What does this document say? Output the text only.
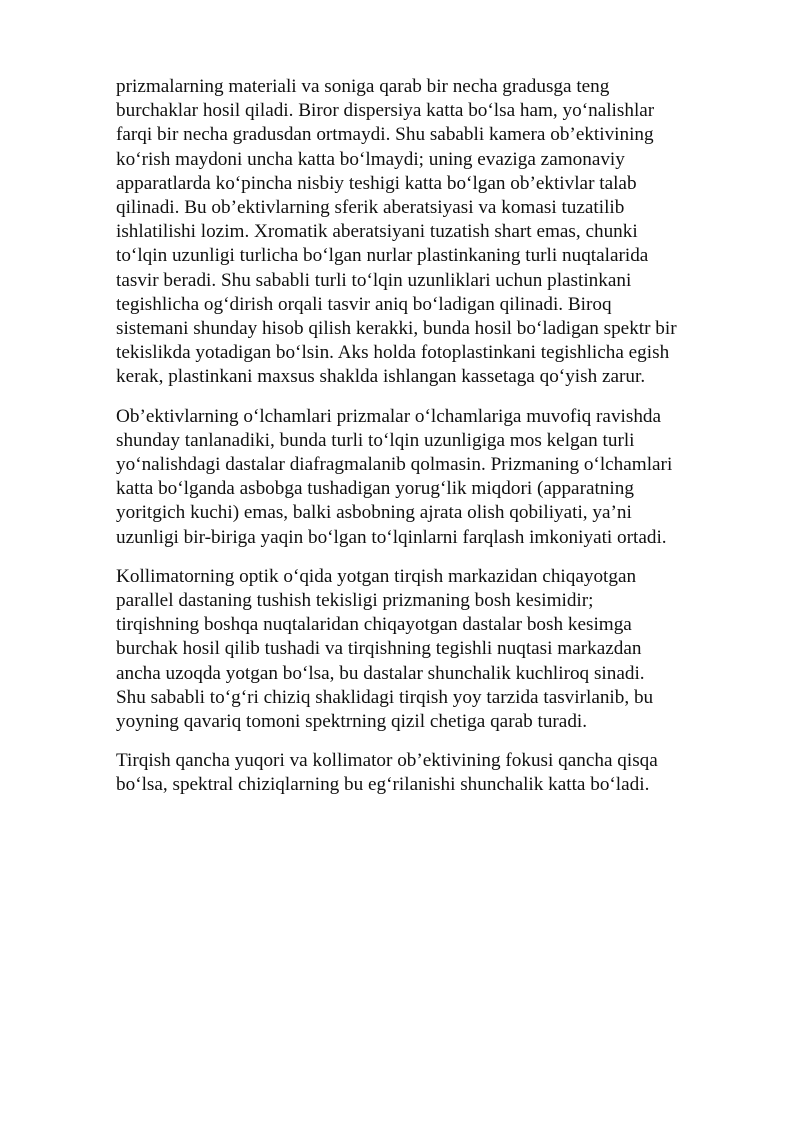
prizmalarning materiali va soniga qarab bir necha gradusga teng
burchaklar hosil qiladi. Biror dispersiya katta boʻlsa ham, yoʻnalishlar
farqi bir necha gradusdan ortmaydi. Shu sababli kamera obʼektivining
koʻrish maydoni uncha katta boʻlmaydi; uning evaziga zamonaviy
apparatlarda koʻpincha nisbiy teshigi katta boʻlgan obʼektivlar talab
qilinadi. Bu obʼektivlarning sferik aberatsiyasi va komasi tuzatilib
ishlatilishi lozim. Xromatik aberatsiyani tuzatish shart emas, chunki
toʻlqin uzunligi turlicha boʻlgan nurlar plastinkaning turli nuqtalarida
tasvir beradi. Shu sababli turli toʻlqin uzunliklari uchun plastinkani
tegishlicha ogʻdirish orqali tasvir aniq boʻladigan qilinadi. Biroq
sistemani shunday hisob qilish kerakki, bunda hosil boʻladigan spektr bir
tekislikda yotadigan boʻlsin. Aks holda fotoplastinkani tegishlicha egish
kerak, plastinkani maxsus shaklda ishlangan kassetaga qoʻyish zarur.

Obʼektivlarning oʻlchamlari prizmalar oʻlchamlariga muvofiq ravishda
shunday tanlanadiki, bunda turli toʻlqin uzunligiga mos kelgan turli
yoʻnalishdagi dastalar diafragmalanib qolmasin. Prizmaning oʻlchamlari
katta boʻlganda asbobga tushadigan yorugʻlik miqdori (apparatning
yoritgich kuchi) emas, balki asbobning ajrata olish qobiliyati, yaʼni
uzunligi bir-biriga yaqin boʻlgan toʻlqinlarni farqlash imkoniyati ortadi.

Kollimatorning optik oʻqida yotgan tirqish markazidan chiqayotgan
parallel dastaning tushish tekisligi prizmaning bosh kesimidir;
tirqishning boshqa nuqtalaridan chiqayotgan dastalar bosh kesimga
burchak hosil qilib tushadi va tirqishning tegishli nuqtasi markazdan
ancha uzoqda yotgan boʻlsa, bu dastalar shunchalik kuchliroq sinadi.
Shu sababli toʻgʻri chiziq shaklidagi tirqish yoy tarzida tasvirlanib, bu
yoyning qavariq tomoni spektrning qizil chetiga qarab turadi.

Tirqish qancha yuqori va kollimator obʼektivining fokusi qancha qisqa
boʻlsa, spektral chiziqlarning bu egʻrilanishi shunchalik katta boʻladi.
